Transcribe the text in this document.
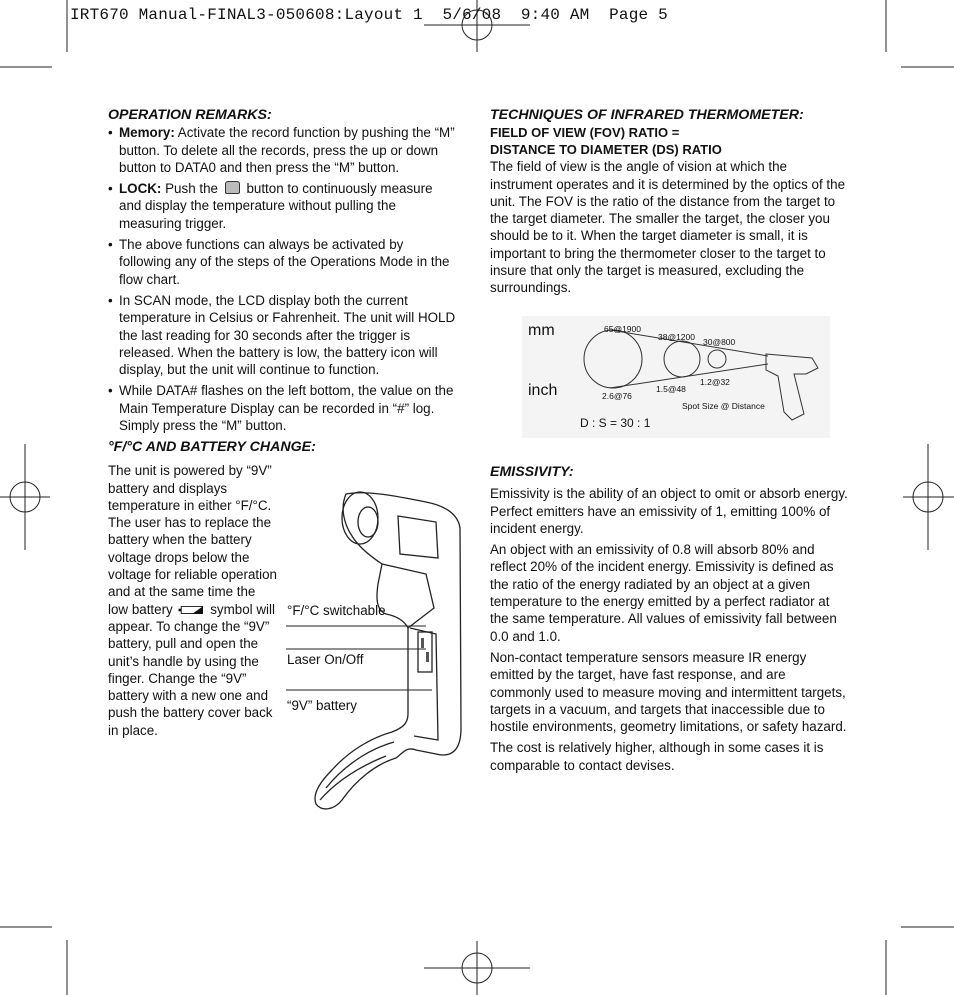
IRT670 Manual-FINAL3-050608:Layout 1  5/6/08  9:40 AM  Page 5

OPERATION REMARKS:

• Memory: Activate the record function by pushing the “M” button. To delete all the records, press the up or down button to DATA0 and then press the “M” button.
• LOCK: Push the  button to continuously measure and display the temperature without pulling the measuring trigger.
• The above functions can always be activated by following any of the steps of the Operations Mode in the flow chart.
• In SCAN mode, the LCD display both the current temperature in Celsius or Fahrenheit. The unit will HOLD the last reading for 30 seconds after the trigger is released. When the battery is low, the battery icon will display, but the unit will continue to function.
• While DATA# flashes on the left bottom, the value on the Main Temperature Display can be recorded in “#” log. Simply press the “M” button.

°F/°C AND BATTERY CHANGE:

The unit is powered by “9V” battery and displays temperature in either °F/°C. The user has to replace the battery when the battery voltage drops below the voltage for reliable operation and at the same time the low battery	symbol will appear. To change the “9V” battery, pull and open the unit’s handle by using the finger. Change the “9V” battery with a new one and push the battery cover back in place.

°F/°C switchable
Laser On/Off
“9V” battery

TECHNIQUES OF INFRARED THERMOMETER:

FIELD OF VIEW (FOV) RATIO =

DISTANCE TO DIAMETER (DS) RATIO

The field of view is the angle of vision at which the instrument operates and it is determined by the optics of the unit. The FOV is the ratio of the distance from the target to the target diameter. The smaller the target, the closer you should be to it. When the target diameter is small, it is important to bring the thermometer closer to the target to insure that only the target is measured, excluding the surroundings.

mm
inch
65@1900
38@1200 30@800
2.6@76
1.5@48
1.2@32
Spot Size @ Distance
D : S = 30 : 1

EMISSIVITY:

Emissivity is the ability of an object to omit or absorb energy. Perfect emitters have an emissivity of 1, emitting 100% of incident energy.

An object with an emissivity of 0.8 will absorb 80% and reflect 20% of the incident energy. Emissivity is defined as the ratio of the energy radiated by an object at a given temperature to the energy emitted by a perfect radiator at the same temperature. All values of emissivity fall between 0.0 and 1.0.

Non-contact temperature sensors measure IR energy emitted by the target, have fast response, and are commonly used to measure moving and intermittent targets, targets in a vacuum, and targets that inaccessible due to hostile environments, geometry limitations, or safety hazard.

The cost is relatively higher, although in some cases it is comparable to contact devises.
